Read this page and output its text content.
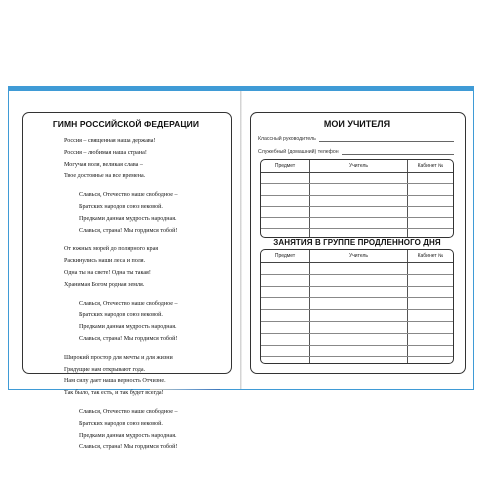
ГИМН РОССИЙСКОЙ ФЕДЕРАЦИИ
Россия – священная наша держава!
Россия – любимая наша страна!
Могучая воля, великая слава –
Твое достоянье на все времена.
Славься, Отечество наше свободное –
Братских народов союз вековой.
Предками данная мудрость народная.
Славься, страна! Мы гордимся тобой!
От южных морей до полярного края
Раскинулись наши леса и поля.
Одна ты на свете! Одна ты такая!
Хранимая Богом родная земля.
Славься, Отечество наше свободное –
Братских народов союз вековой.
Предками данная мудрость народная.
Славься, страна! Мы гордимся тобой!
Широкий простор для мечты и для жизни
Грядущие нам открывают года.
Нам силу дает наша верность Отчизне.
Так было, так есть, и так будет всегда!
Славься, Отечество наше свободное –
Братских народов союз вековой.
Предками данная мудрость народная.
Славься, страна! Мы гордимся тобой!
МОИ УЧИТЕЛЯ
Классный руководитель
Служебный (домашний) телефон
Предмет	Учитель	Кабинет №
ЗАНЯТИЯ В ГРУППЕ ПРОДЛЕННОГО ДНЯ
Предмет	Учитель	Кабинет №
